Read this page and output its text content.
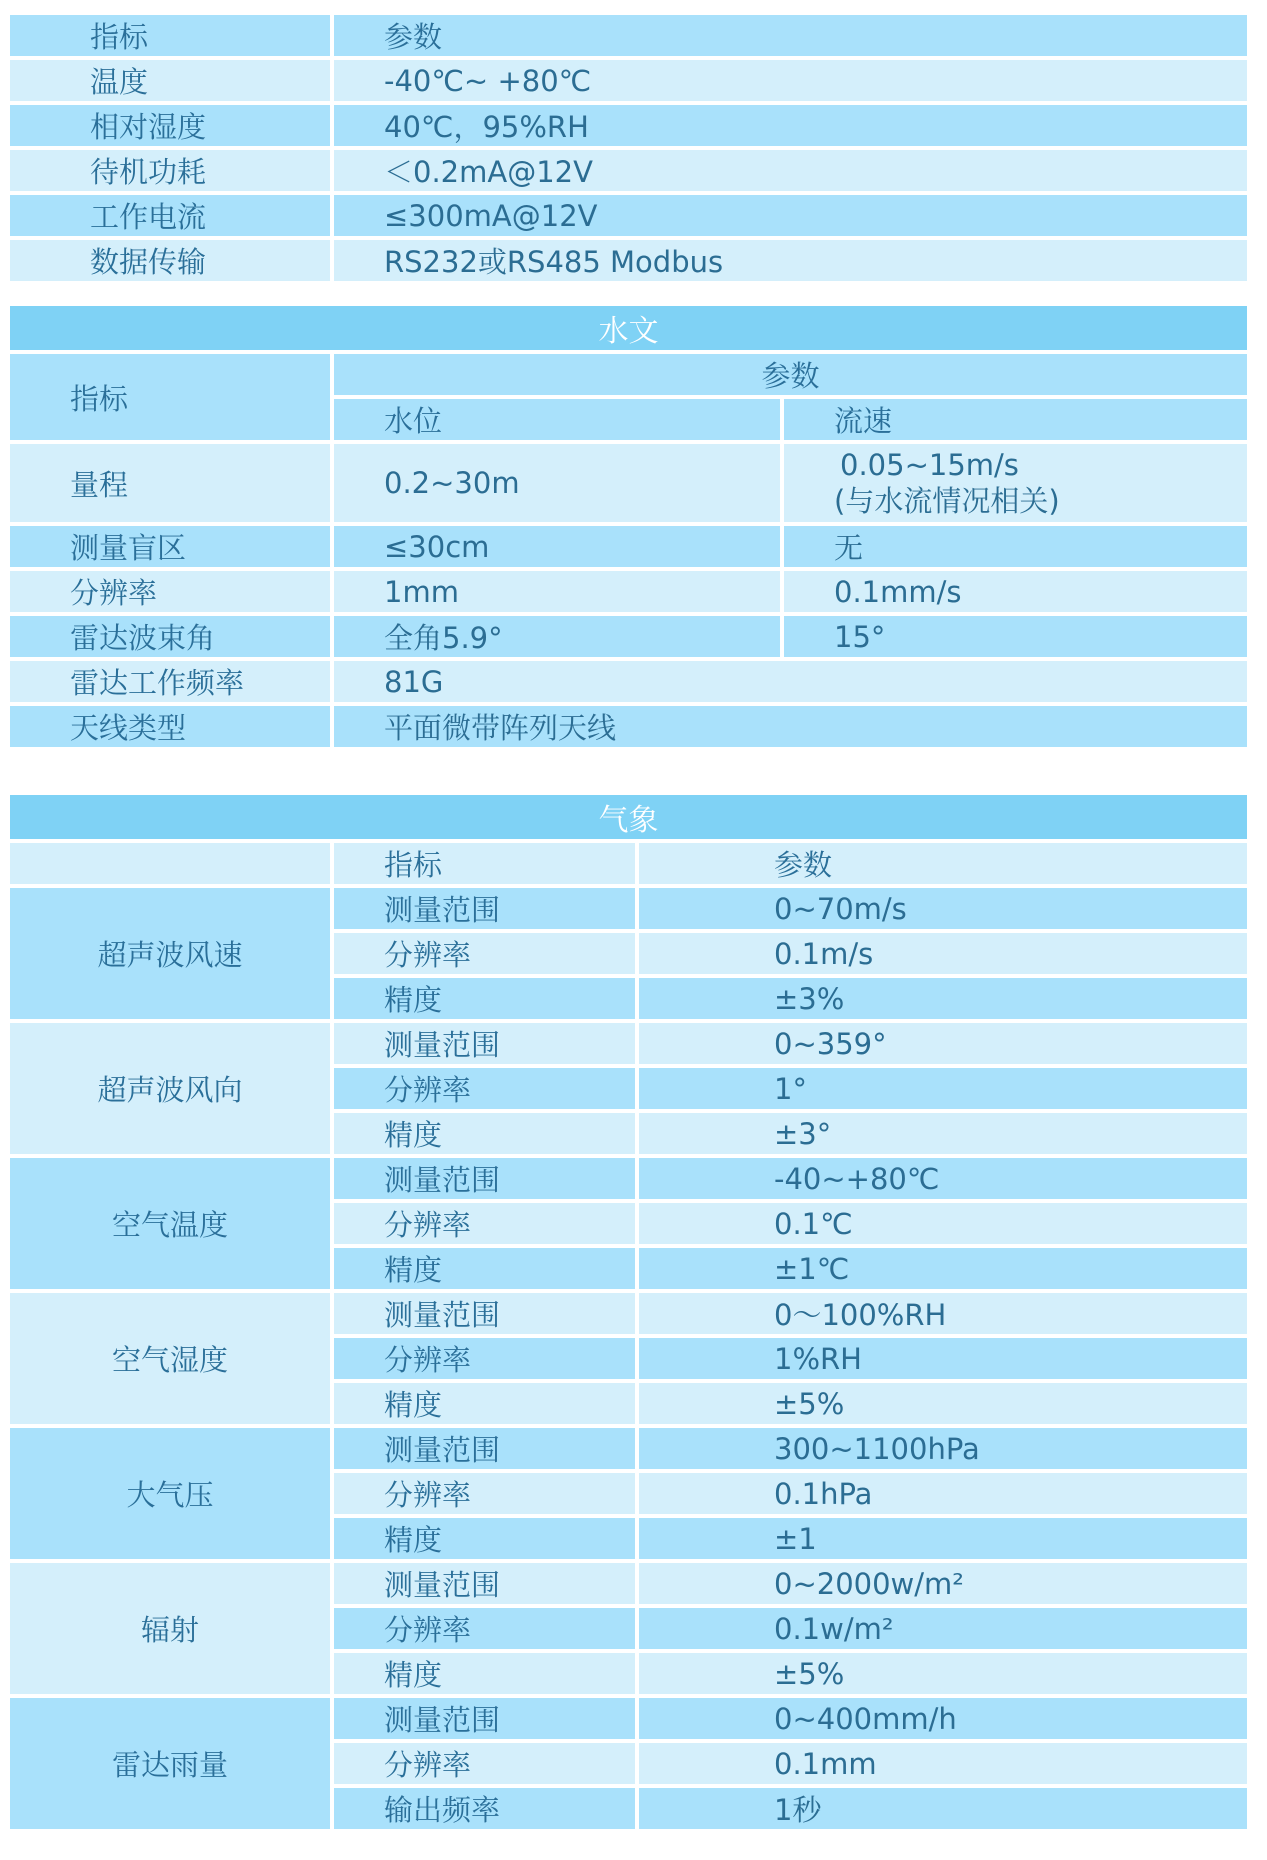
指标	参数
温度	-40℃~ +80℃
相对湿度	40℃，95%RH
待机功耗	＜0.2mA@12V
工作电流	≤300mA@12V
数据传输	RS232或RS485 Modbus
水文		
指标	参数	
	水位	流速
量程	0.2~30m	0.05~15m/s
(与水流情况相关)

测量盲区	≤30cm	无
分辨率	1mm	0.1mm/s
雷达波束角	全角5.9°	15°
雷达工作频率	81G	
天线类型	平面微带阵列天线	
气象		
	指标	参数
超声波风速	测量范围	0~70m/s
	分辨率	0.1m/s
	精度	±3%
超声波风向	测量范围	0~359°
	分辨率	1°
	精度	±3°
空气温度	测量范围	-40~+80℃
	分辨率	0.1℃
	精度	±1℃
空气湿度	测量范围	0～100%RH
	分辨率	1%RH
	精度	±5%
大气压	测量范围	300~1100hPa
	分辨率	0.1hPa
	精度	±1
辐射	测量范围	0~2000w/m²
	分辨率	0.1w/m²
	精度	±5%
雷达雨量	测量范围	0~400mm/h
	分辨率	0.1mm
	输出频率	1秒
